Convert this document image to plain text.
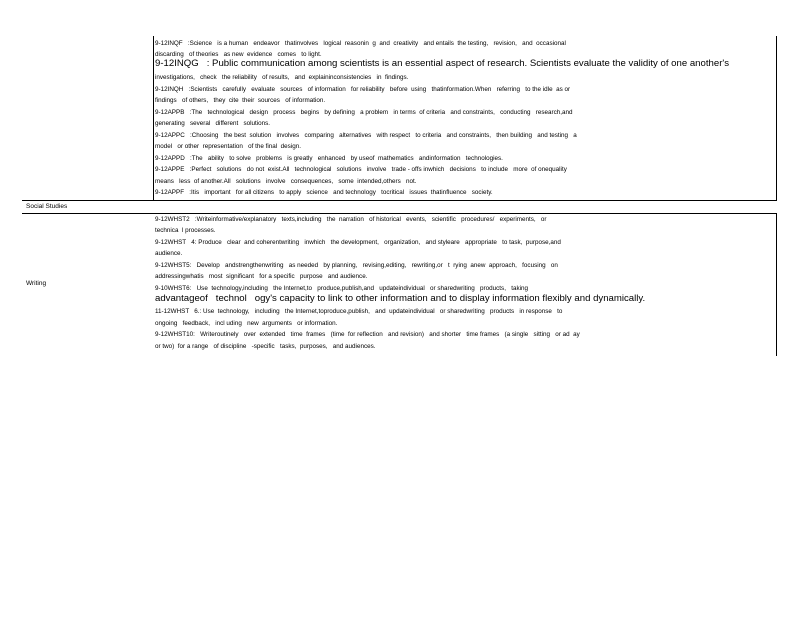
9-12INQF   :Science   is a human   endeavor   thatinvolves   logical  reasonin  g  and  creativity   and entails  the testing,   revision,   and  occasional
discarding   of theories   as new  evidence   comes   to light.
9-12INQG   : Public communication among scientists is an essential aspect of research. Scientists evaluate the validity of one another's
investigations,   check   the reliability   of results,   and  explaininconsistencies   in  findings.
9-12INQH   :Scientists   carefully   evaluate   sources   of information   for reliability   before  using   thatinformation.When   referring   to the idle  as or
findings   of others,   they  cite  their  sources   of information.
9-12APPB   :The   technological   design   process   begins   by defining   a problem   in terms  of criteria   and constraints,   conducting   research,and
generating   several   different   solutions.
9-12APPC   :Choosing   the best  solution   involves   comparing   alternatives   with respect   to criteria   and constraints,   then building   and testing   a
model   or other  representation   of the final  design.
9-12APPD   :The   ability   to solve   problems   is greatly   enhanced   by useof  mathematics   andinformation   technologies.
9-12APPE   :Perfect   solutions   do not  exist.All   technological   solutions   involve   trade - offs inwhich   decisions   to include   more  of onequality
means   less  of another.All   solutions   involve   consequences,   some  intended,others   not.
9-12APPF   :Itis   important   for all citizens   to apply   science   and technology   tocritical   issues  thatinfluence   society.
Social Studies
Writing
9-12WHST2   :Writeinformative/explanatory   texts,including   the  narration   of historical   events,   scientific   procedures/   experiments,   or
technica  l processes.
9-12WHST   4: Produce   clear  and coherentwriting   inwhich   the development,   organization,   and styleare   appropriate   to task,  purpose,and
audience.
9-12WHST5:   Develop   andstrengthenwriting   as needed   by planning,   revising,editing,   rewriting,or   t  rying  anew  approach,   focusing   on
addressingwhatis   most  significant   for a specific   purpose   and audience.
9-10WHST6:   Use  technology,including   the Internet,to   produce,publish,and   updateindividual   or sharedwriting   products,   taking
advantageof   technol   ogy's capacity to link to other information and to display information flexibly and dynamically.
11-12WHST   6.: Use  technology,   including   the Internet,toproduce,publish,   and  updateindividual   or sharedwriting   products   in response   to
ongoing   feedback,   incl uding   new  arguments   or information.
9-12WHST10:   Writeroutinely   over  extended   time  frames   (time  for reflection   and revision)   and shorter   time frames   (a single   sitting   or ad  ay
or two)  for a range   of discipline   -specific   tasks,  purposes,   and audiences.
